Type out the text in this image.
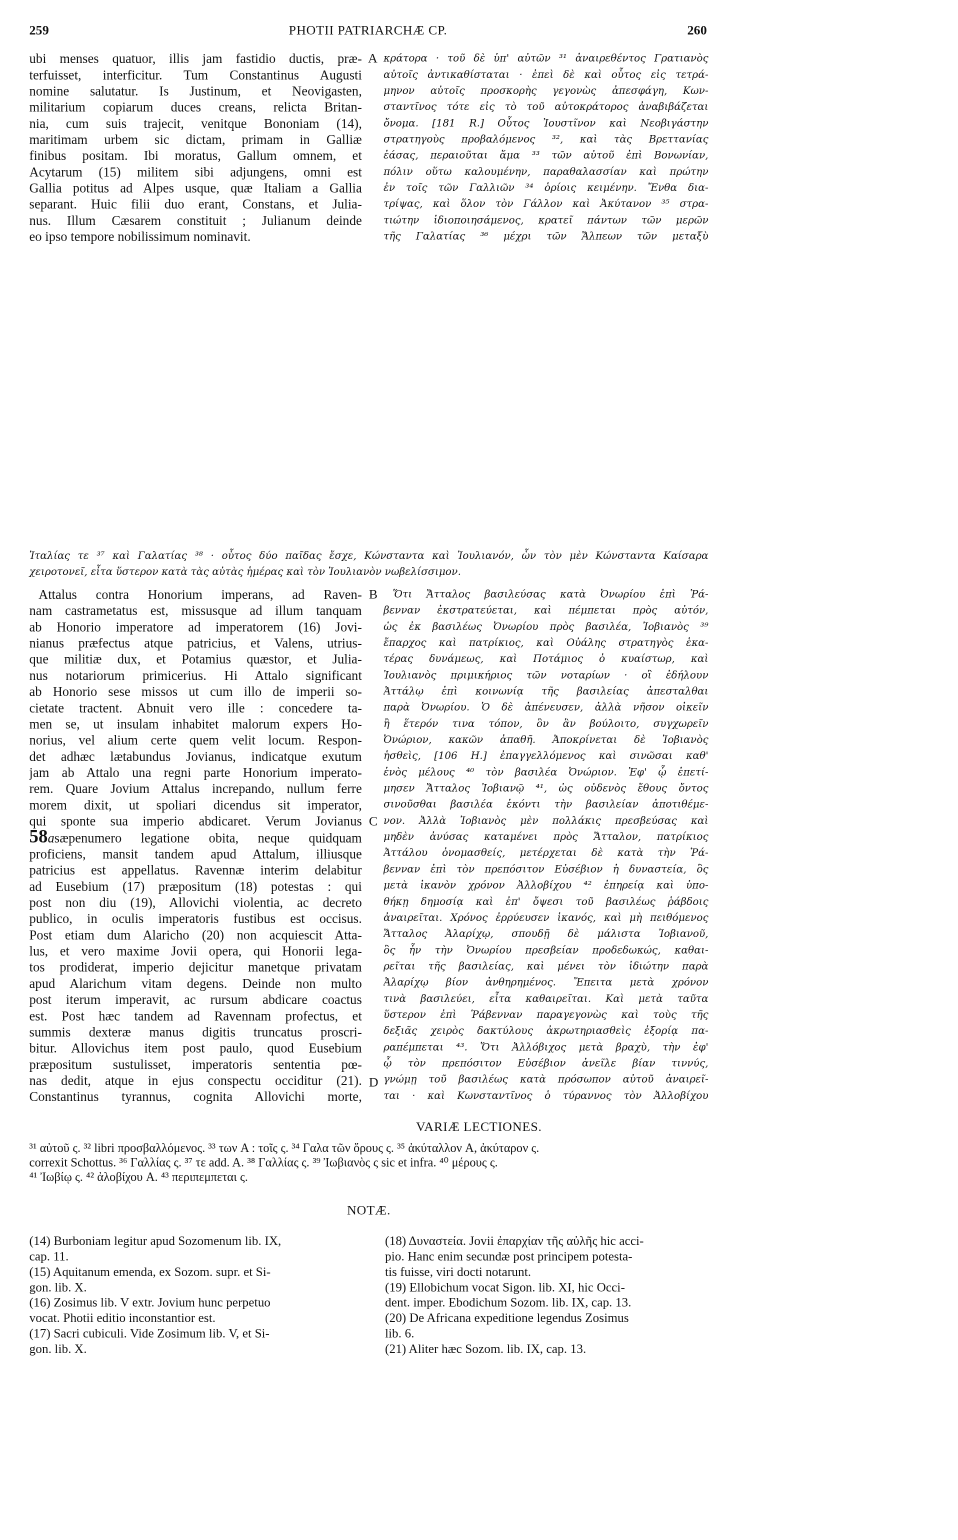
259	PHOTII PATRIARCHÆ CP.	260
ubi menses quatuor, illis jam fastidio ductis, præ-
terfuisset, interficitur. Tum Constantinus Augusti
nomine salutatur. Is Justinum, et Neovigasten,
militarium copiarum duces creans, relicta Britan-
nia, cum suis trajecit, venitque Bononiam (14),
maritimam urbem sic dictam, primam in Galliæ
finibus positam. Ibi moratus, Gallum omnem, et
Acytarum (15) militem sibi adjungens, omni est
Gallia potitus ad Alpes usque, quæ Italiam a Gallia
separant. Huic filii duo erant, Constans, et Julia-
nus. Illum Cæsarem constituit ; Julianum deinde
eo ipso tempore nobilissimum nominavit.
A κράτορα · τοῦ δὲ ὑπ' αὐτῶν ³¹ ἀναιρεθέντος Γρατιανὸς
αὐτοῖς ἀντικαθίσταται · ἐπεὶ δὲ καὶ οὗτος εἰς τετρά-
μηνον αὐτοῖς προσκορὴς γεγονὼς ἀπεσφάγη, Κων-
σταντῖνος τότε εἰς τὸ τοῦ αὐτοκράτορος ἀναβιβάζεται
ὄνομα. [181 R.] Οὗτος Ἰουστῖνον καὶ Νεοβιγάστην
στρατηγοὺς προβαλόμενος ³², καὶ τὰς Βρεττανίας
ἐάσας, περαιοῦται ἅμα ³³ τῶν αὐτοῦ ἐπὶ Βονωνίαν,
πόλιν οὕτω καλουμένην, παραθαλασσίαν καὶ πρώτην
ἐν τοῖς τῶν Γαλλιῶν ³⁴ ὁρίοις κειμένην. Ἔνθα δια-
τρίψας, καὶ ὅλον τὸν Γάλλον καὶ Ἀκύτανον ³⁵ στρα-
τιώτην ἰδιοποιησάμενος, κρατεῖ πάντων τῶν μερῶν
τῆς Γαλατίας ³⁶ μέχρι τῶν Ἄλπεων τῶν μεταξὺ
Ἰταλίας τε ³⁷ καὶ Γαλατίας ³⁸ · οὗτος δύο παῖδας ἔσχε, Κώνσταντα καὶ Ἰουλιανόν, ὧν τὸν μὲν Κώνσταντα Καίσαρα
χειροτονεῖ, εἶτα ὕστερον κατὰ τὰς αὐτὰς ἡμέρας καὶ τὸν Ἰουλιανὸν νωβελίσσιμον.
Attalus contra Honorium imperans, ad Raven-
nam castrametatus est, missusque ad illum tanquam
ab Honorio imperatore ad imperatorem (16) Jovi-
nianus præfectus atque patricius, et Valens, utrius-
que militiæ dux, et Potamius quæstor, et Julia-
nus notariorum primicerius. Hi Attalo significant
ab Honorio sese missos ut cum illo de imperii so-
cietate tractent. Abnuit vero ille : concedere ta-
men se, ut insulam inhabitet malorum expers Ho-
norius, vel alium certe quem velit locum. Respon-
det adhæc lætabundus Jovianus, indicatque exutum
jam ab Attalo una regni parte Honorium imperato-
rem. Quare Jovium Attalus increpando, nullum ferre
morem dixit, ut spoliari dicendus sit imperator,
qui sponte sua imperio abdicaret. Verum Jovianus
58 a sæpenumero legatione obita, neque quidquam
proficiens, mansit tandem apud Attalum, illiusque
patricius est appellatus. Ravennæ interim delabitur
ad Eusebium (17) præpositum (18) potestas : qui
post non diu (19), Allovichi violentia, ac decreto
publico, in oculis imperatoris fustibus est occisus.
Post etiam dum Alaricho (20) non acquiescit Atta-
lus, et vero maxime Jovii opera, qui Honorii lega-
tos prodiderat, imperio dejicitur manetque privatam
apud Alarichum vitam degens. Deinde non multo
post iterum imperavit, ac rursum abdicare coactus
est. Post hæc tandem ad Ravennam profectus, et
summis dexteræ manus digitis truncatus proscri-
bitur. Allovichus item post paulo, quod Eusebium
præpositum sustulisset, imperatoris sententia pœ-
nas dedit, atque in ejus conspectu occiditur (21).
Constantinus tyrannus, cognita Allovichi morte,
B
C
D
Ὅτι Ἄτταλος βασιλεύσας κατὰ Ὀνωρίου ἐπὶ Ῥά-
βενναν ἐκστρατεύεται, καὶ πέμπεται πρὸς αὐτόν,
ὡς ἐκ βασιλέως Ὀνωρίου πρὸς βασιλέα, Ἰοβιανὸς ³⁹
ἔπαρχος καὶ πατρίκιος, καὶ Οὐάλης στρατηγὸς ἑκα-
τέρας δυνάμεως, καὶ Ποτάμιος ὁ κυαίστωρ, καὶ
Ἰουλιανὸς πριμικήριος τῶν νοταρίων · οἳ ἐδήλουν
Ἀττάλῳ ἐπὶ κοινωνίᾳ τῆς βασιλείας ἀπεσταλθαι
παρὰ Ὀνωρίου. Ὁ δὲ ἀπένευσεν, ἀλλὰ νῆσον οἰκεῖν
ἢ ἕτερόν τινα τόπον, ὃν ἂν βούλοιτο, συγχωρεῖν
Ὀνώριον, κακῶν ἀπαθῆ. Ἀποκρίνεται δὲ Ἰοβιανὸς
ἡσθεὶς, [106 H.] ἐπαγγελλόμενος καὶ σινῶσαι καθ'
ἑνὸς μέλους ⁴⁰ τὸν βασιλέα Ὀνώριον. Ἐφ' ᾧ ἐπετί-
μησεν Ἄτταλος Ἰοβιανῷ ⁴¹, ὡς οὐδενὸς ἔθους ὄντος
σινοῦσθαι βασιλέα ἑκόντι τὴν βασιλείαν ἀποτιθέμε-
νον. Ἀλλὰ Ἰοβιανὸς μὲν πολλάκις πρεσβεύσας καὶ
μηδὲν ἀνύσας καταμένει πρὸς Ἄτταλον, πατρίκιος
Ἀττάλου ὀνομασθείς, μετέρχεται δὲ κατὰ τὴν Ῥά-
βενναν ἐπὶ τὸν πρεπόσιτον Εὐσέβιον ἡ δυναστεία, ὃς
μετὰ ἱκανὸν χρόνον Ἀλλοβίχου ⁴² ἐπηρείᾳ καὶ ὑπο-
θήκῃ δημοσίᾳ καὶ ἐπ' ὄψεσι τοῦ βασιλέως ῥάβδοις
ἀναιρεῖται. Χρόνος ἐρρύευσεν ἱκανός, καὶ μὴ πειθόμενος
Ἄτταλος Ἀλαρίχῳ, σπουδῇ δὲ μάλιστα Ἰοβιανοῦ,
ὃς ἦν τὴν Ὀνωρίου πρεσβείαν προδεδωκώς, καθαι-
ρεῖται τῆς βασιλείας, καὶ μένει τὸν ἰδιώτην παρὰ
Ἀλαρίχῳ βίον ἀνθηρημένος. Ἔπειτα μετὰ χρόνον
τινὰ βασιλεύει, εἶτα καθαιρεῖται. Καὶ μετὰ ταῦτα
ὕστερον ἐπὶ Ῥάβενναν παραγεγονὼς καὶ τοὺς τῆς
δεξιᾶς χειρὸς δακτύλους ἀκρωτηριασθεὶς ἐξορίᾳ πα-
ραπέμπεται ⁴³. Ὅτι Ἀλλόβιχος μετὰ βραχὺ, τὴν ἐφ'
ᾧ τὸν πρεπόσιτον Εὐσέβιον ἀνεῖλε βίαν τιννύς,
γνώμῃ τοῦ βασιλέως κατὰ πρόσωπον αὐτοῦ ἀναιρεῖ-
ται · καὶ Κωνσταντῖνος ὁ τύραννος τὸν Ἀλλοβίχου
VARIÆ LECTIONES.
³¹ αὐτοῦ ς. ³² libri προσβαλλόμενος. ³³ των A : τοῖς ς. ³⁴ Γαλα τῶν ὅρους ς. ³⁵ ἀκύταλλον A, ἀκύταρον ς.
correxit Schottus. ³⁶ Γαλλίας ς. ³⁷ τε add. A. ³⁸ Γαλλίας ς. ³⁹ Ἰωβιανὸς ς sic et infra. ⁴⁰ μέρους ς.
⁴¹ Ἰωβίῳ ς. ⁴² ἀλοβίχου A. ⁴³ περιπεμπεται ς.
NOTÆ.
(14) Burboniam legitur apud Sozomenum lib. IX,
cap. 11.
(15) Aquitanum emenda, ex Sozom. supr. et Si-
gon. lib. X.
(16) Zosimus lib. V extr. Jovium hunc perpetuo
vocat. Photii editio inconstantior est.
(17) Sacri cubiculi. Vide Zosimum lib. V, et Si-
gon. lib. X.
(18) Δυναστεία. Jovii ἐπαρχίαν τῆς αὐλῆς hic acci-
pio. Hanc enim secundæ post principem potesta-
tis fuisse, viri docti notarunt.
(19) Ellobichum vocat Sigon. lib. XI, hic Occi-
dent. imper. Ebodichum Sozom. lib. IX, cap. 13.
(20) De Africana expeditione legendus Zosimus
lib. 6.
(21) Aliter hæc Sozom. lib. IX, cap. 13.
